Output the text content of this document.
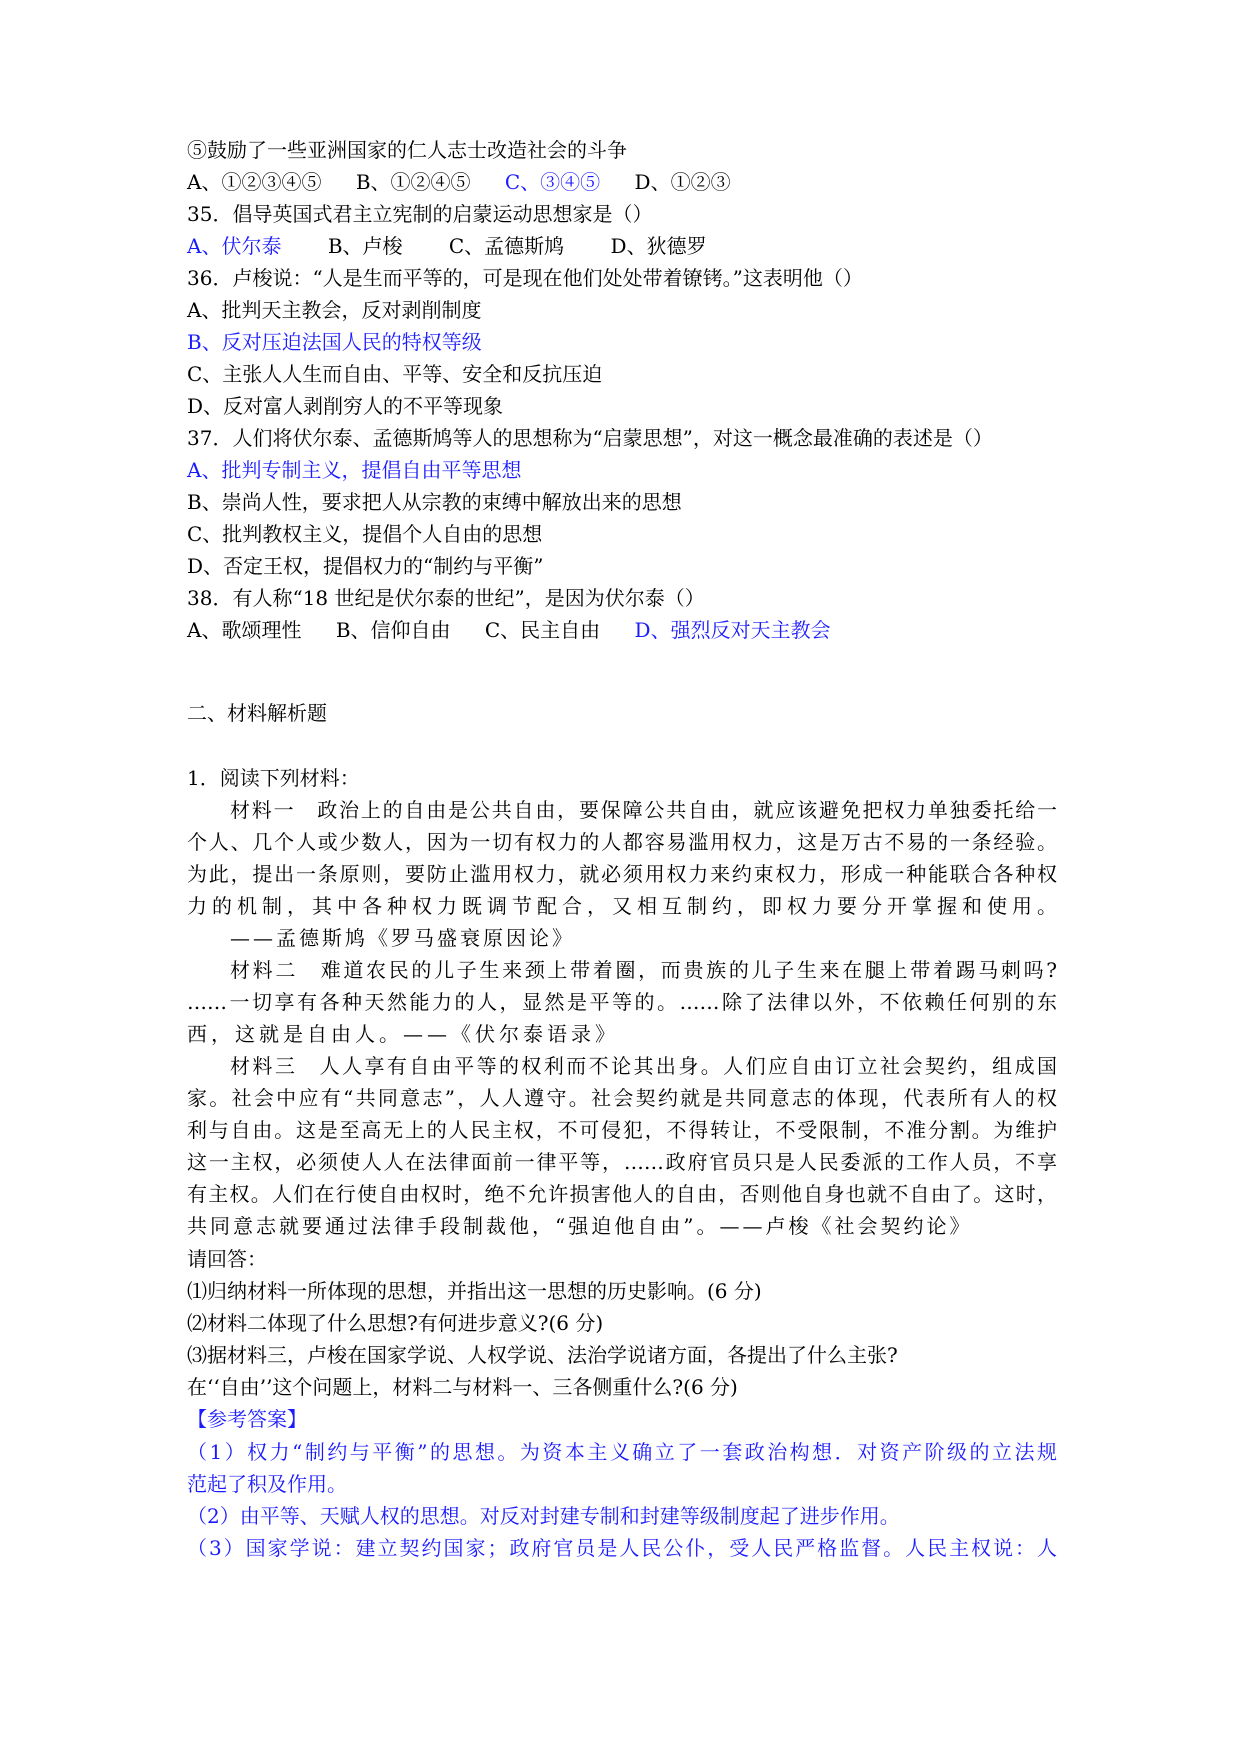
⑤鼓励了一些亚洲国家的仁人志士改造社会的斗争
A、①②③④⑤ B、①②④⑤ C、③④⑤ D、①②③
35．倡导英国式君主立宪制的启蒙运动思想家是（）
A、伏尔泰 B、卢梭 C、孟德斯鸠 D、狄德罗
36．卢梭说：“人是生而平等的，可是现在他们处处带着镣铐。”这表明他（）
A、批判天主教会，反对剥削制度
B、反对压迫法国人民的特权等级
C、主张人人生而自由、平等、安全和反抗压迫
D、反对富人剥削穷人的不平等现象
37．人们将伏尔泰、孟德斯鸠等人的思想称为“启蒙思想”，对这一概念最准确的表述是（）
A、批判专制主义，提倡自由平等思想
B、崇尚人性，要求把人从宗教的束缚中解放出来的思想
C、批判教权主义，提倡个人自由的思想
D、否定王权，提倡权力的“制约与平衡”
38．有人称“18 世纪是伏尔泰的世纪”，是因为伏尔泰（）
A、歌颂理性 B、信仰自由 C、民主自由 D、强烈反对天主教会
二、材料解析题
1．阅读下列材料：
材料一　政治上的自由是公共自由，要保障公共自由，就应该避免把权力单独委托给一
个人、几个人或少数人，因为一切有权力的人都容易滥用权力，这是万古不易的一条经验。
为此，提出一条原则，要防止滥用权力，就必须用权力来约束权力，形成一种能联合各种权
力的机制，其中各种权力既调节配合，又相互制约，即权力要分开掌握和使用。
——孟德斯鸠《罗马盛衰原因论》
材料二　难道农民的儿子生来颈上带着圈，而贵族的儿子生来在腿上带着踢马刺吗?
……一切享有各种天然能力的人，显然是平等的。……除了法律以外，不依赖任何别的东
西，这就是自由人。——《伏尔泰语录》
材料三　人人享有自由平等的权利而不论其出身。人们应自由订立社会契约，组成国
家。社会中应有“共同意志”，人人遵守。社会契约就是共同意志的体现，代表所有人的权
利与自由。这是至高无上的人民主权，不可侵犯，不得转让，不受限制，不准分割。为维护
这一主权，必须使人人在法律面前一律平等，……政府官员只是人民委派的工作人员，不享
有主权。人们在行使自由权时，绝不允许损害他人的自由，否则他自身也就不自由了。这时，
共同意志就要通过法律手段制裁他，“强迫他自由”。——卢梭《社会契约论》
请回答：
⑴归纳材料一所体现的思想，并指出这一思想的历史影响。(6 分)
⑵材料二体现了什么思想?有何进步意义?(6 分)
⑶据材料三，卢梭在国家学说、人权学说、法治学说诸方面，各提出了什么主张?
在‘‘自由’’这个问题上，材料二与材料一、三各侧重什么?(6 分)
【参考答案】
（1）权力“制约与平衡”的思想。为资本主义确立了一套政治构想．对资产阶级的立法规
范起了积及作用。
（2）由平等、天赋人权的思想。对反对封建专制和封建等级制度起了进步作用。
（3）国家学说：建立契约国家；政府官员是人民公仆，受人民严格监督。人民主权说：人
